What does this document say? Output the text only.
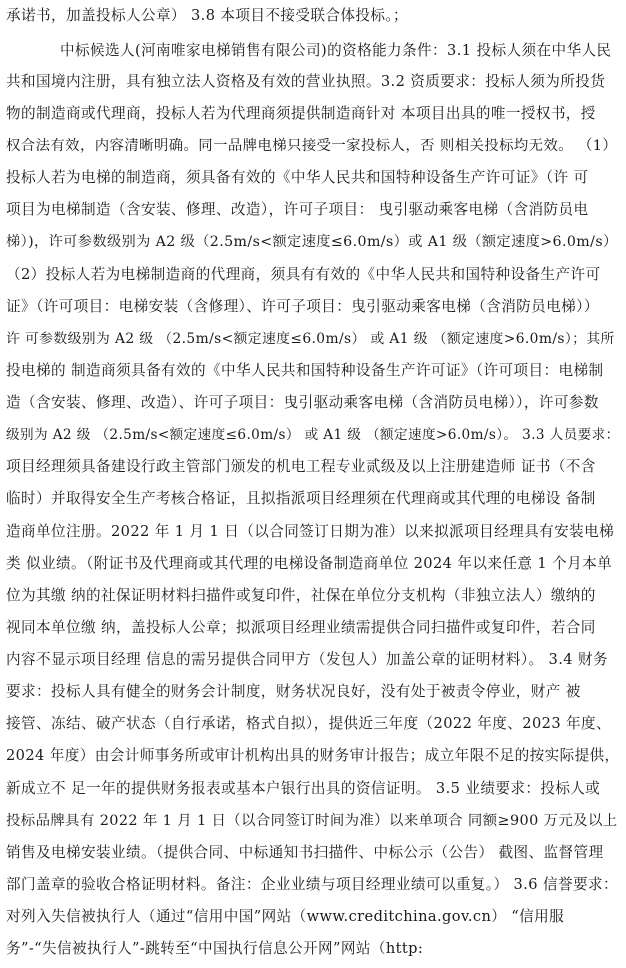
承诺书，加盖投标人公章） 3.8 本项目不接受联合体投标。；
中标候选人(河南唯家电梯销售有限公司)的资格能力条件：3.1 投标人须在中华人民
共和国境内注册，具有独立法人资格及有效的营业执照。3.2 资质要求：投标人须为所投货
物的制造商或代理商，投标人若为代理商须提供制造商针对 本项目出具的唯一授权书，授
权合法有效，内容清晰明确。同一品牌电梯只接受一家投标人，否 则相关投标均无效。 （1）
投标人若为电梯的制造商，须具备有效的《中华人民共和国特种设备生产许可证》（许 可
项目为电梯制造（含安装、修理、改造），许可子项目： 曳引驱动乘客电梯（含消防员电
梯）)，许可参数级别为 A2 级（2.5m/s<额定速度≤6.0m/s）或 A1 级（额定速度>6.0m/s）
（2）投标人若为电梯制造商的代理商，须具有有效的《中华人民共和国特种设备生产许可
证》（许可项目：电梯安装（含修理）、许可子项目：曳引驱动乘客电梯（含消防员电梯））
许 可参数级别为 A2 级 （2.5m/s<额定速度≤6.0m/s） 或 A1 级 （额定速度>6.0m/s）；其所
投电梯的 制造商须具备有效的《中华人民共和国特种设备生产许可证》（许可项目：电梯制
造（含安装、修理、改造）、许可子项目：曳引驱动乘客电梯（含消防员电梯）），许可参数
级别为 A2 级 （2.5m/s<额定速度≤6.0m/s） 或 A1 级 （额定速度>6.0m/s）。 3.3 人员要求：
项目经理须具备建设行政主管部门颁发的机电工程专业贰级及以上注册建造师 证书（不含
临时）并取得安全生产考核合格证，且拟指派项目经理须在代理商或其代理的电梯设 备制
造商单位注册。2022 年 1 月 1 日（以合同签订日期为准）以来拟派项目经理具有安装电梯
类 似业绩。（附证书及代理商或其代理的电梯设备制造商单位 2024 年以来任意 1 个月本单
位为其缴 纳的社保证明材料扫描件或复印件，社保在单位分支机构（非独立法人）缴纳的
视同本单位缴 纳，盖投标人公章；拟派项目经理业绩需提供合同扫描件或复印件，若合同
内容不显示项目经理 信息的需另提供合同甲方（发包人）加盖公章的证明材料）。 3.4 财务
要求：投标人具有健全的财务会计制度，财务状况良好，没有处于被责令停业，财产 被
接管、冻结、破产状态（自行承诺，格式自拟），提供近三年度（2022 年度、2023 年度、
2024 年度）由会计师事务所或审计机构出具的财务审计报告；成立年限不足的按实际提供，
新成立不 足一年的提供财务报表或基本户银行出具的资信证明。 3.5 业绩要求：投标人或
投标品牌具有 2022 年 1 月 1 日（以合同签订时间为准）以来单项合 同额≥900 万元及以上
销售及电梯安装业绩。（提供合同、中标通知书扫描件、中标公示（公告） 截图、监督管理
部门盖章的验收合格证明材料。备注：企业业绩与项目经理业绩可以重复。） 3.6 信誉要求：
对列入失信被执行人（通过“信用中国”网站（www.creditchina.gov.cn） “信用服
务”-“失信被执行人”-跳转至“中国执行信息公开网”网站（http:
